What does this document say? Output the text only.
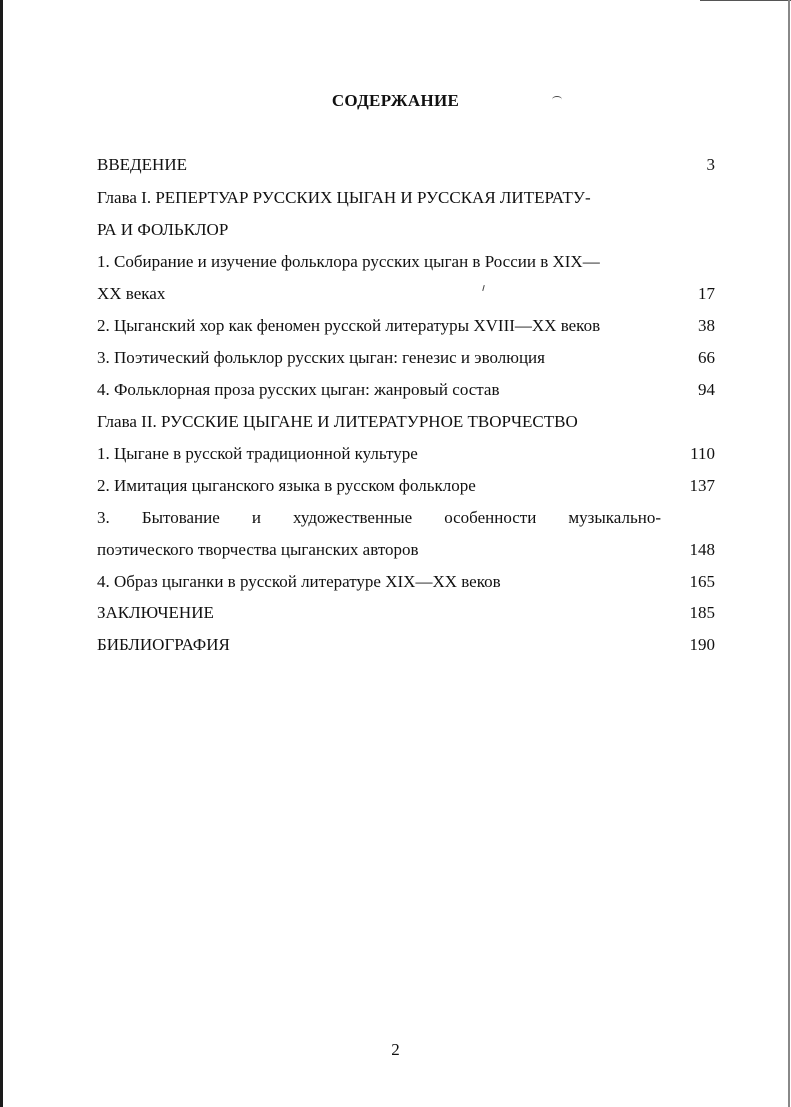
СОДЕРЖАНИЕ
ВВЕДЕНИЕ	3
Глава I. РЕПЕРТУАР РУССКИХ ЦЫГАН И РУССКАЯ ЛИТЕРАТУ-
РА И ФОЛЬКЛОР
1. Собирание и изучение фольклора русских цыган в России в XIX—
XX веках	17
2. Цыганский хор как феномен русской литературы XVIII—XX веков	38
3. Поэтический фольклор русских цыган: генезис и эволюция	66
4. Фольклорная проза русских цыган: жанровый состав	94
Глава II. РУССКИЕ ЦЫГАНЕ И ЛИТЕРАТУРНОЕ ТВОРЧЕСТВО
1. Цыгане в русской традиционной культуре	110
2. Имитация цыганского языка в русском фольклоре	137
3. Бытование и художественные особенности музыкально-
поэтического творчества цыганских авторов	148
4. Образ цыганки в русской литературе XIX—XX веков	165
ЗАКЛЮЧЕНИЕ	185
БИБЛИОГРАФИЯ	190
2
